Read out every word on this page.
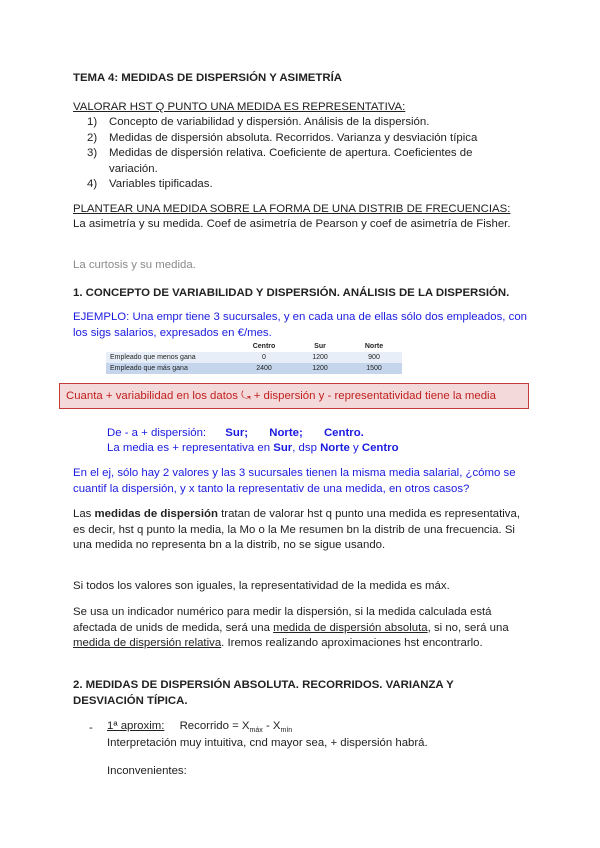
TEMA 4: MEDIDAS DE DISPERSIÓN Y ASIMETRÍA
VALORAR HST Q PUNTO UNA MEDIDA ES REPRESENTATIVA:
1) Concepto de variabilidad y dispersión. Análisis de la dispersión.
2) Medidas de dispersión absoluta. Recorridos. Varianza y desviación típica
3) Medidas de dispersión relativa. Coeficiente de apertura. Coeficientes de variación.
4) Variables tipificadas.
PLANTEAR UNA MEDIDA SOBRE LA FORMA DE UNA DISTRIB DE FRECUENCIAS:
La asimetría y su medida. Coef de asimetría de Pearson y coef de asimetría de Fisher.
La curtosis y su medida.
1. CONCEPTO DE VARIABILIDAD Y DISPERSIÓN. ANÁLISIS DE LA DISPERSIÓN.
EJEMPLO: Una empr tiene 3 sucursales, y en cada una de ellas sólo dos empleados, con los sigs salarios, expresados en €/mes.
	Centro	Sur	Norte
Empleado que menos gana	0	1200	900
Empleado que más gana	2400	1200	1500
Cuanta + variabilidad en los datos ⤿ + dispersión y - representatividad tiene la media
De - a + dispersión: Sur; Norte; Centro.
La media es + representativa en Sur, dsp Norte y Centro
En el ej, sólo hay 2 valores y las 3 sucursales tienen la misma media salarial, ¿cómo se cuantif la dispersión, y x tanto la representativ de una medida, en otros casos?
Las medidas de dispersión tratan de valorar hst q punto una medida es representativa, es decir, hst q punto la media, la Mo o la Me resumen bn la distrib de una frecuencia. Si una medida no representa bn a la distrib, no se sigue usando.
Si todos los valores son iguales, la representatividad de la medida es máx.
Se usa un indicador numérico para medir la dispersión, si la medida calculada está afectada de unids de medida, será una medida de dispersión absoluta, si no, será una medida de dispersión relativa. Iremos realizando aproximaciones hst encontrarlo.
2. MEDIDAS DE DISPERSIÓN ABSOLUTA. RECORRIDOS. VARIANZA Y DESVIACIÓN TÍPICA.
- 1ª aproxim: Recorrido = $X_{máx} - X_{mín}$
Interpretación muy intuitiva, cnd mayor sea, + dispersión habrá.
Inconvenientes:
